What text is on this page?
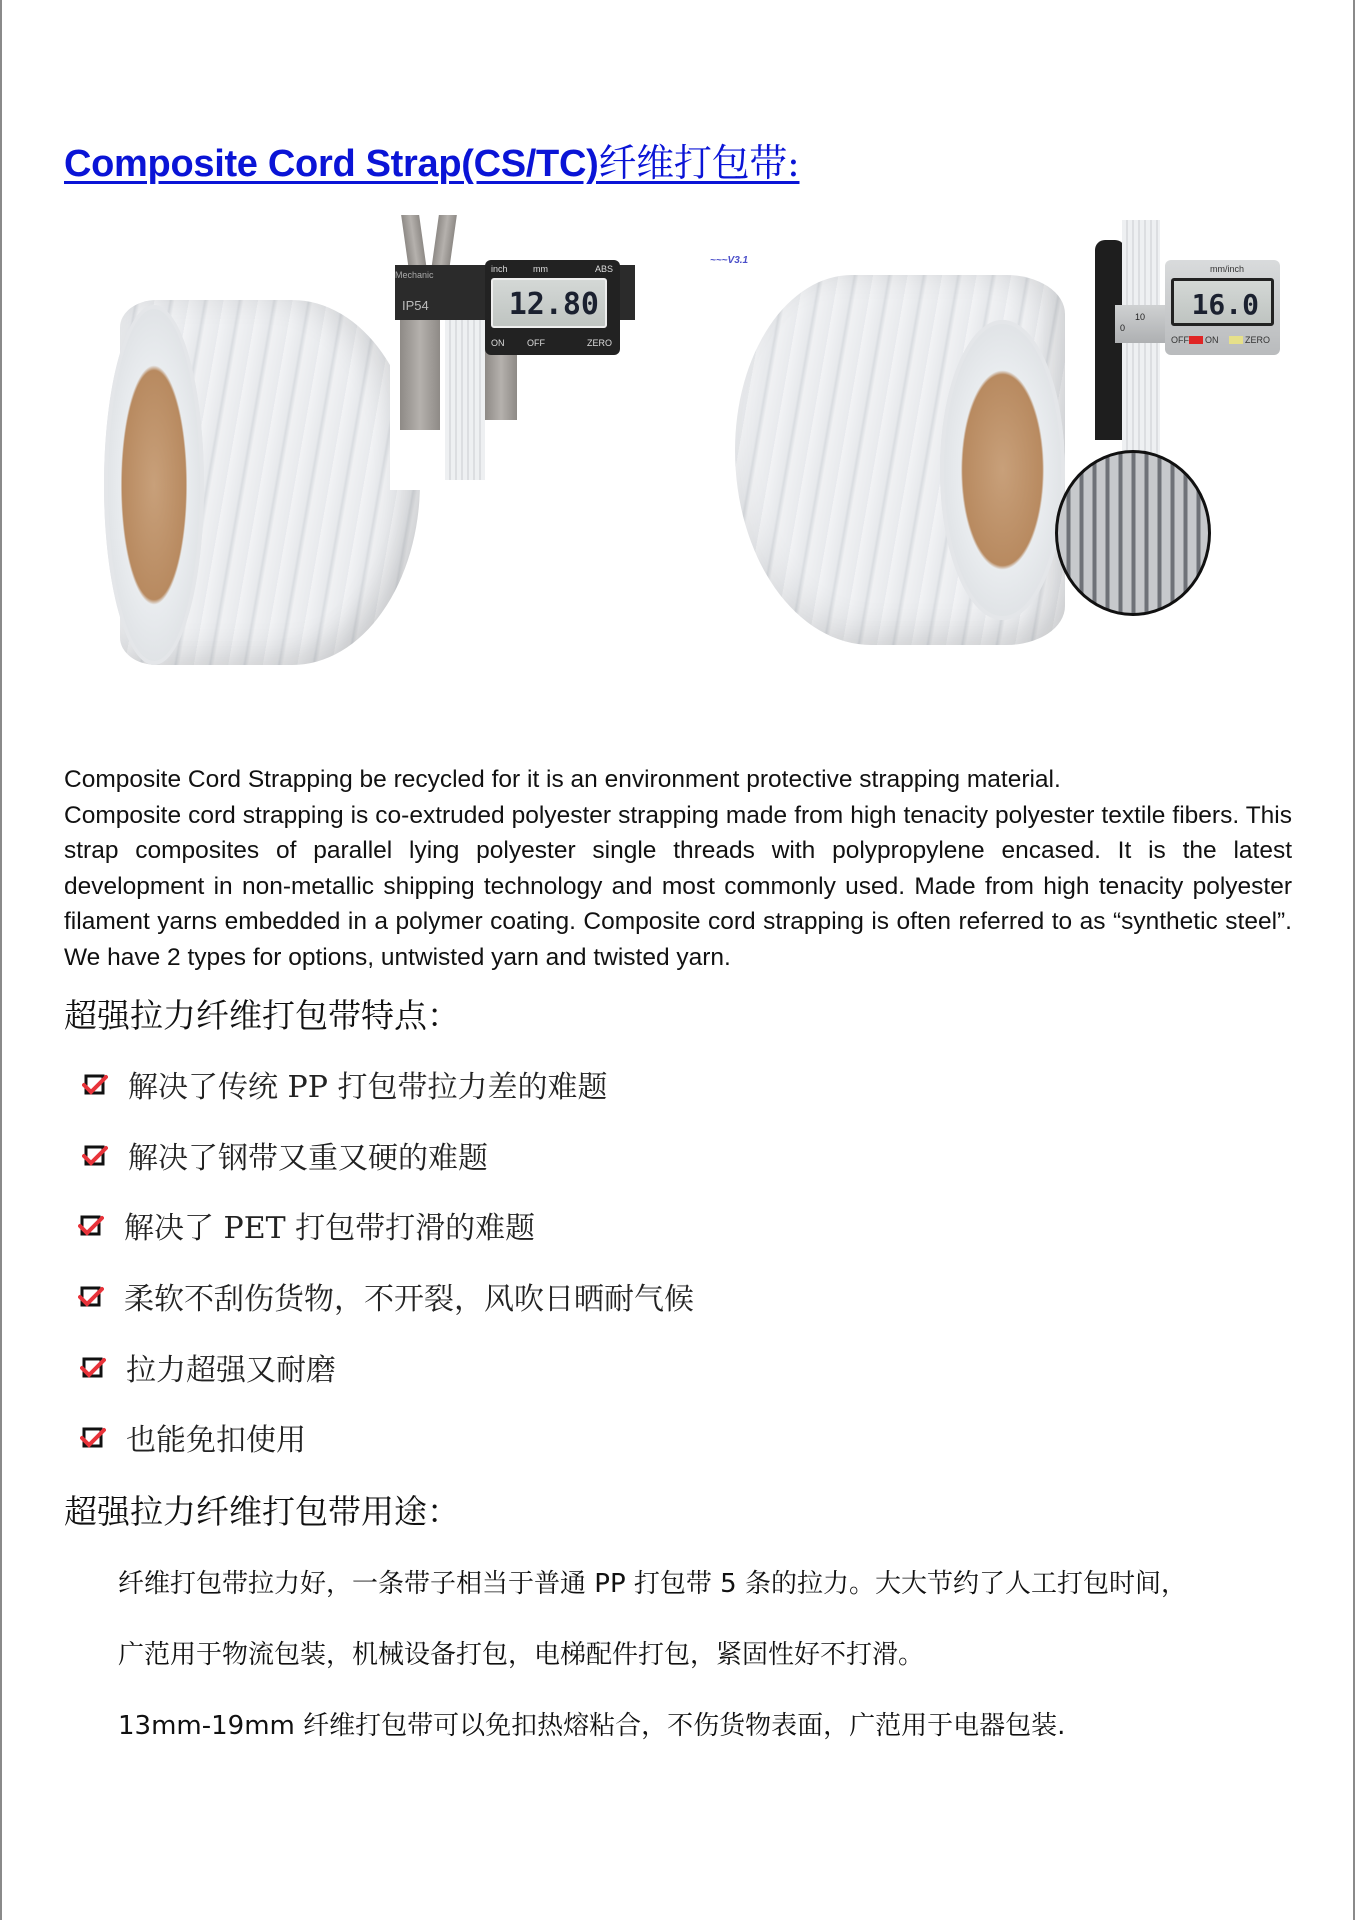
Composite Cord Strap(CS/TC)纤维打包带:
Mechanic
IP54
inch	mm	ABS
12.80
ON	OFF	ZERO
~~~V3.1
0
10
mm/inch
16.0
OFF ON	ZERO

Composite Cord Strapping be recycled for it is an environment protective strapping material.

Composite cord strapping is co-extruded polyester strapping made from high tenacity polyester textile fibers. This strap composites of parallel lying polyester single threads with polypropylene encased. It is the latest development in non-metallic shipping technology and most commonly used. Made from high tenacity polyester filament yarns embedded in a polymer coating. Composite cord strapping is often referred to as “synthetic steel”. We have 2 types for options, untwisted yarn and twisted yarn.

超强拉力纤维打包带特点：
解决了传统 PP 打包带拉力差的难题
解决了钢带又重又硬的难题
解决了 PET 打包带打滑的难题
柔软不刮伤货物，不开裂，风吹日晒耐气候
拉力超强又耐磨
也能免扣使用
超强拉力纤维打包带用途：
纤维打包带拉力好，一条带子相当于普通 PP 打包带 5 条的拉力。大大节约了人工打包时间，
广范用于物流包装，机械设备打包，电梯配件打包，紧固性好不打滑。
13mm-19mm 纤维打包带可以免扣热熔粘合，不伤货物表面，广范用于电器包装.
